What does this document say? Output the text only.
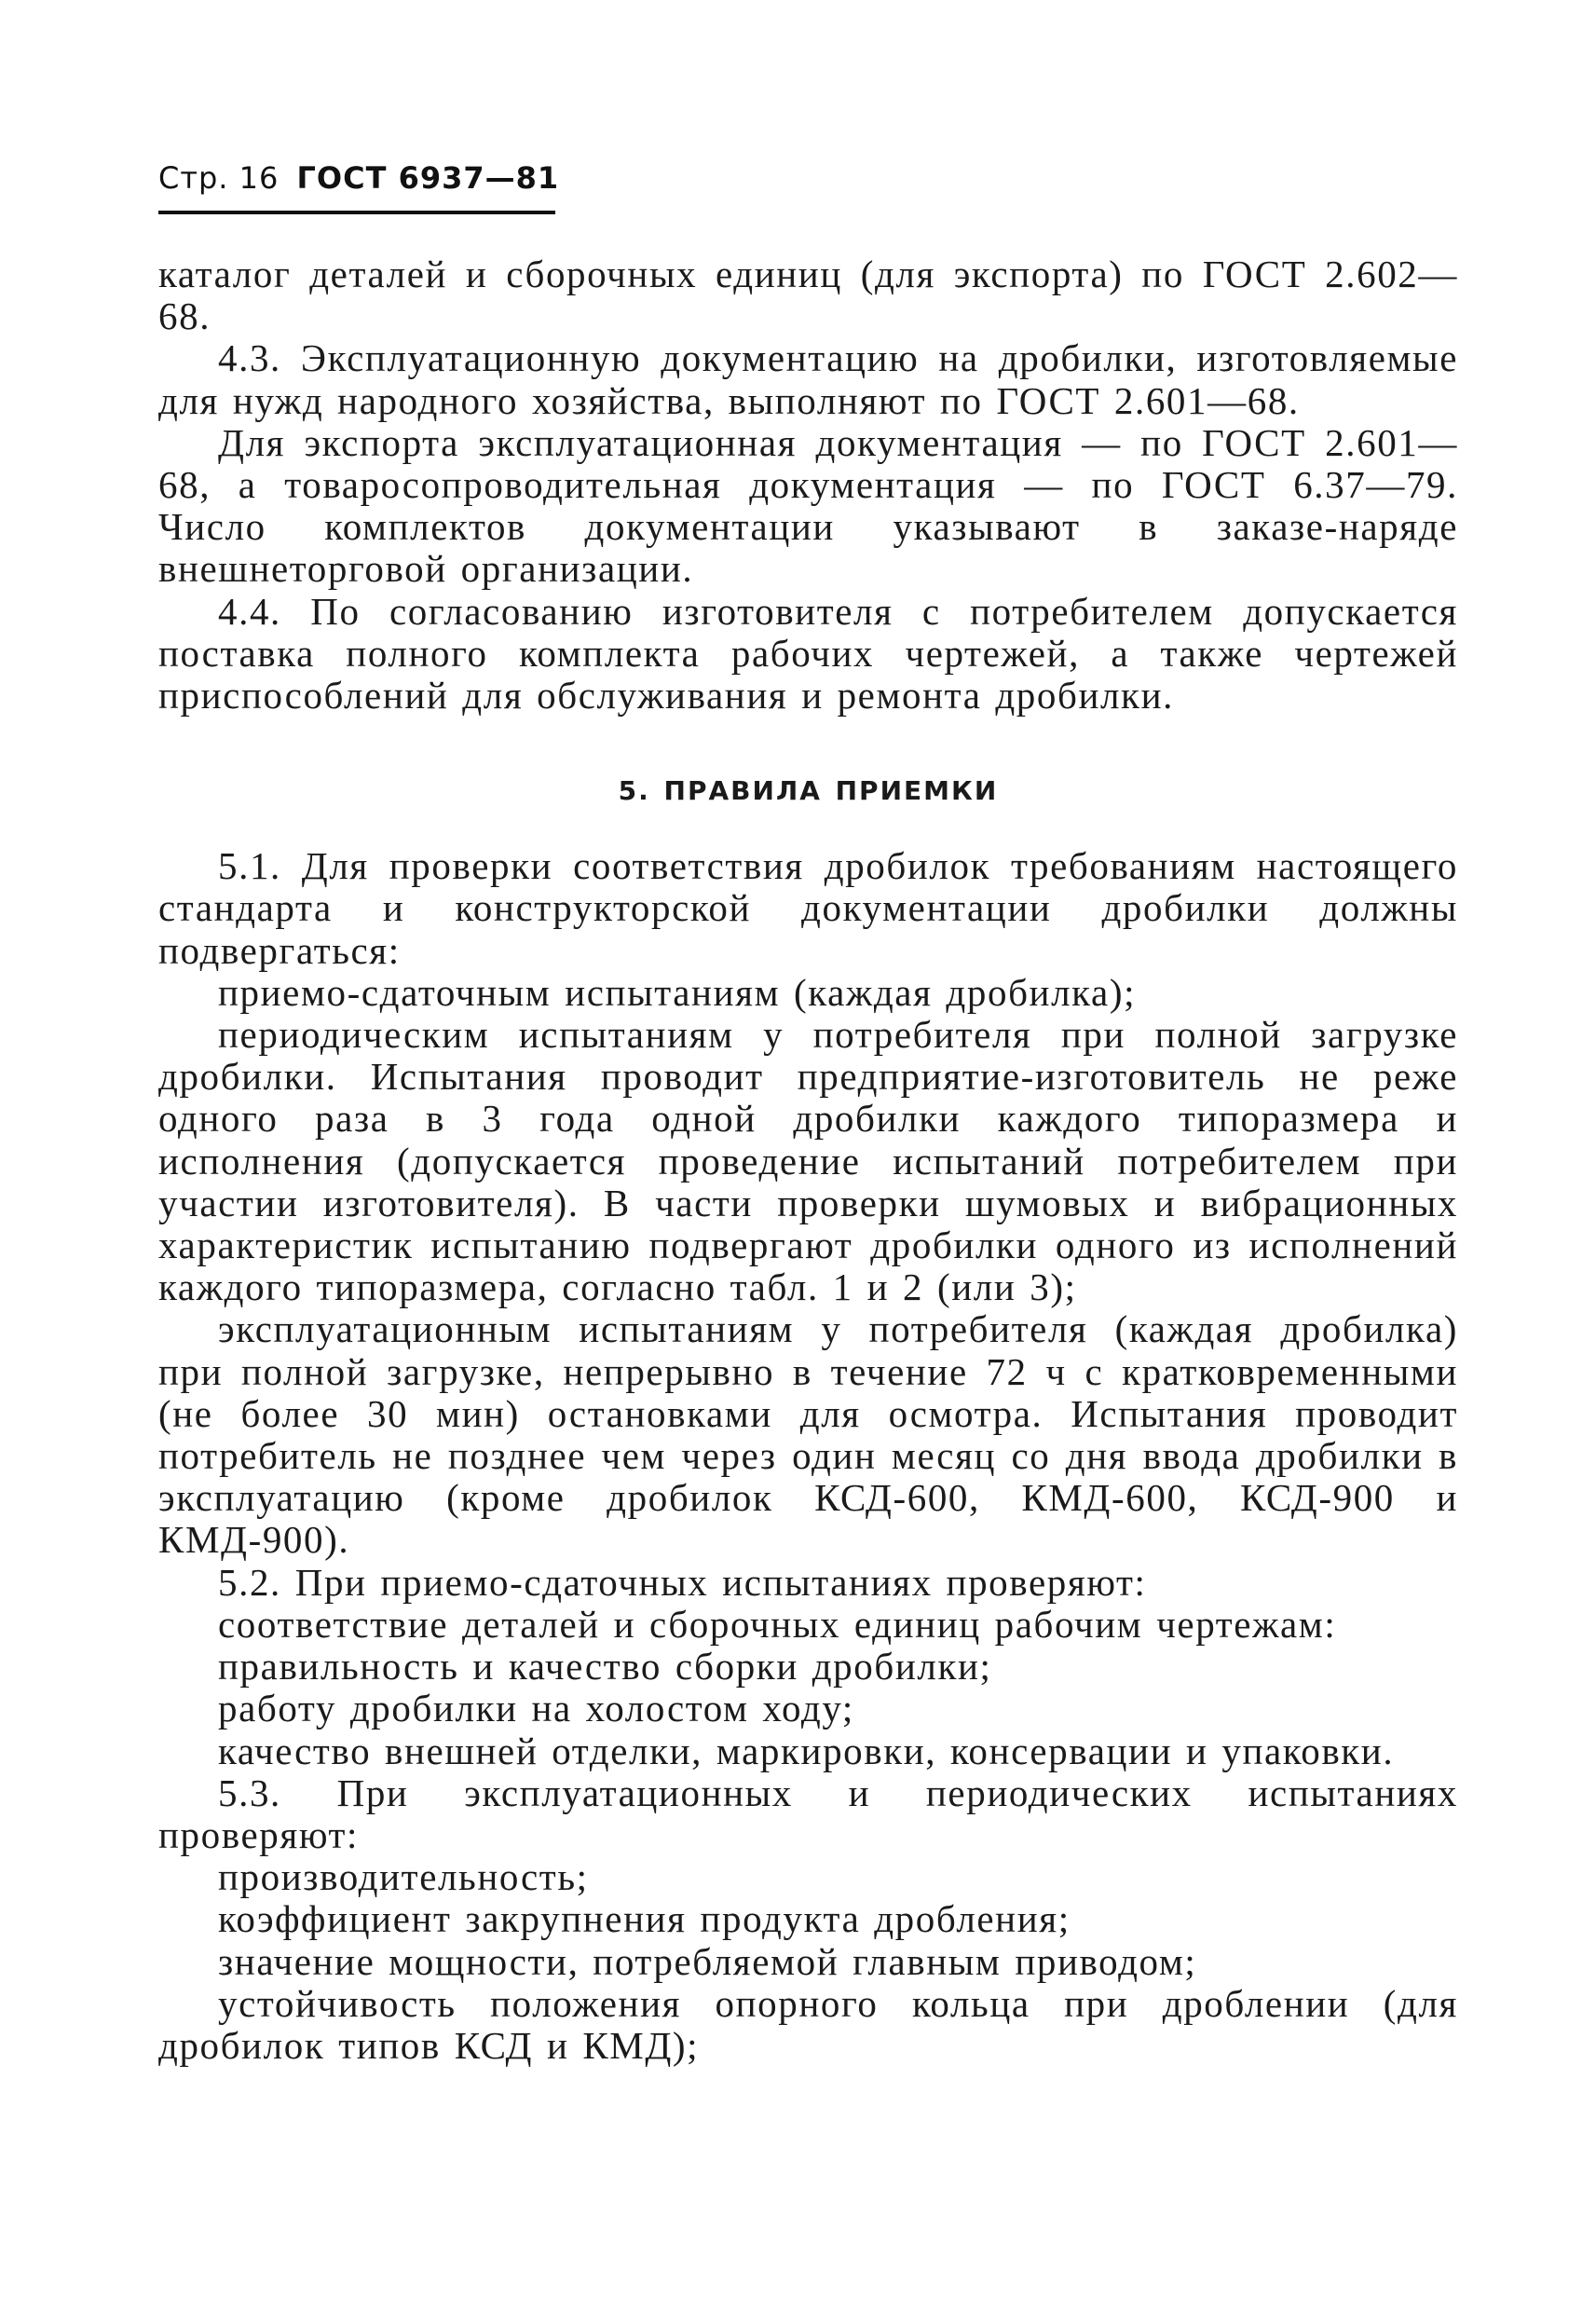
Стр. 16 ГОСТ 6937—81

каталог деталей и сборочных единиц (для экспорта) по ГОСТ 2.602—68.

4.3. Эксплуатационную документацию на дробилки, изготовляемые для нужд народного хозяйства, выполняют по ГОСТ 2.601—68.

Для экспорта эксплуатационная документация — по ГОСТ 2.601—68, а товаросопроводительная документация — по ГОСТ 6.37—79. Число комплектов документации указывают в заказе-наряде внешнеторговой организации.

4.4. По согласованию изготовителя с потребителем допускается поставка полного комплекта рабочих чертежей, а также чертежей приспособлений для обслуживания и ремонта дробилки.

5. ПРАВИЛА ПРИЕМКИ

5.1. Для проверки соответствия дробилок требованиям настоящего стандарта и конструкторской документации дробилки должны подвергаться:

приемо-сдаточным испытаниям (каждая дробилка);

периодическим испытаниям у потребителя при полной загрузке дробилки. Испытания проводит предприятие-изготовитель не реже одного раза в 3 года одной дробилки каждого типоразмера и исполнения (допускается проведение испытаний потребителем при участии изготовителя). В части проверки шумовых и вибрационных характеристик испытанию подвергают дробилки одного из исполнений каждого типоразмера, согласно табл. 1 и 2 (или 3);

эксплуатационным испытаниям у потребителя (каждая дробилка) при полной загрузке, непрерывно в течение 72 ч с кратковременными (не более 30 мин) остановками для осмотра. Испытания проводит потребитель не позднее чем через один месяц со дня ввода дробилки в эксплуатацию (кроме дробилок КСД-600, КМД-600, КСД-900 и КМД-900).

5.2. При приемо-сдаточных испытаниях проверяют:

соответствие деталей и сборочных единиц рабочим чертежам:

правильность и качество сборки дробилки;

работу дробилки на холостом ходу;

качество внешней отделки, маркировки, консервации и упаковки.

5.3. При эксплуатационных и периодических испытаниях проверяют:

производительность;

коэффициент закрупнения продукта дробления;

значение мощности, потребляемой главным приводом;

устойчивость положения опорного кольца при дроблении (для дробилок типов КСД и КМД);
